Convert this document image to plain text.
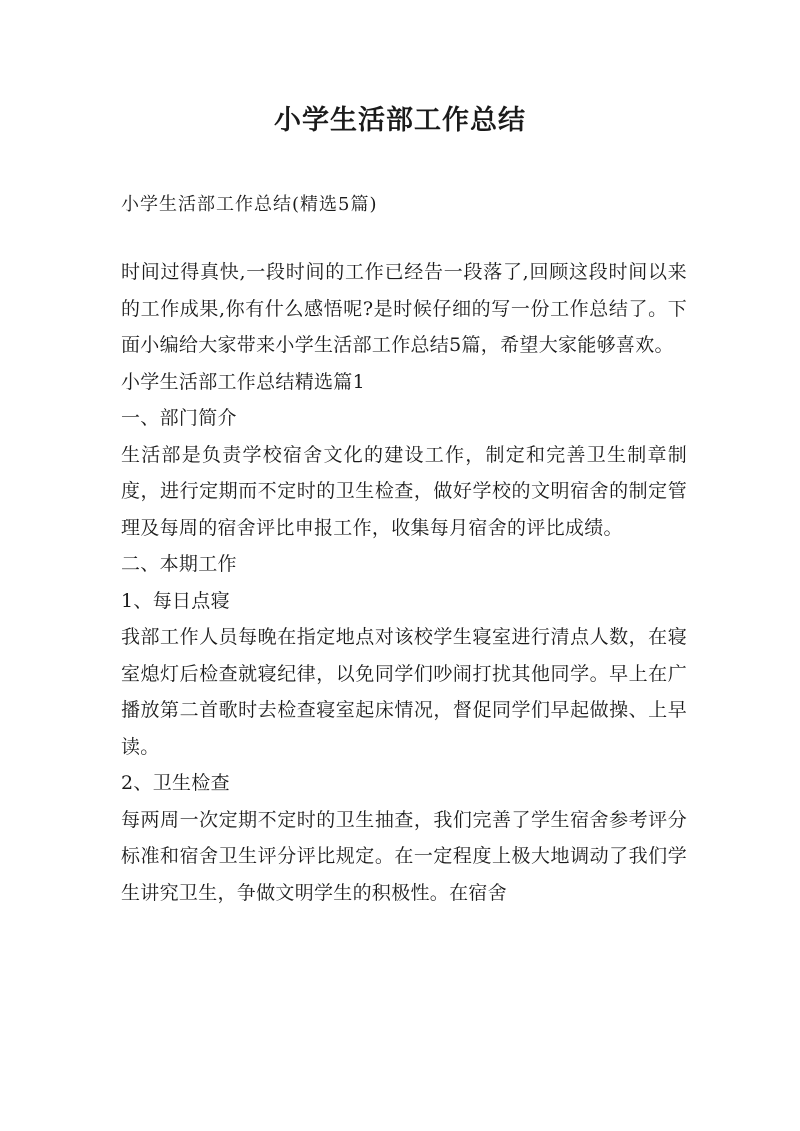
小学生活部工作总结

小学生活部工作总结(精选5篇)

时间过得真快,一段时间的工作已经告一段落了,回顾这段时间以来的工作成果,你有什么感悟呢?是时候仔细的写一份工作总结了。下面小编给大家带来小学生活部工作总结5篇，希望大家能够喜欢。

小学生活部工作总结精选篇1

一、部门简介

生活部是负责学校宿舍文化的建设工作，制定和完善卫生制章制度，进行定期而不定时的卫生检查，做好学校的文明宿舍的制定管理及每周的宿舍评比申报工作，收集每月宿舍的评比成绩。

二、本期工作

1、每日点寝

我部工作人员每晚在指定地点对该校学生寝室进行清点人数，在寝室熄灯后检查就寝纪律，以免同学们吵闹打扰其他同学。早上在广播放第二首歌时去检查寝室起床情况，督促同学们早起做操、上早读。

2、卫生检查

每两周一次定期不定时的卫生抽查，我们完善了学生宿舍参考评分标准和宿舍卫生评分评比规定。在一定程度上极大地调动了我们学生讲究卫生，争做文明学生的积极性。在宿舍
